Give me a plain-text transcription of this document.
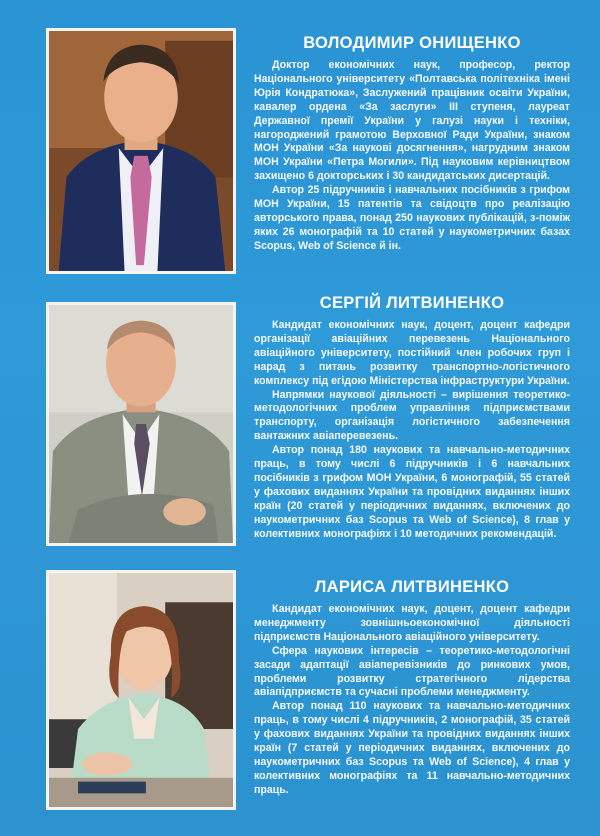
ВОЛОДИМИР ОНИЩЕНКО

Доктор економічних наук, професор, ректор Національного університету «Полтавська політехніка імені Юрія Кондратюка», Заслужений працівник освіти України, кавалер ордена «За заслуги» III ступеня, лауреат Державної премії України у галузі науки і техніки, нагороджений грамотою Верховної Ради України, знаком МОН України «За наукові досягнення», нагрудним знаком МОН України «Петра Могили». Під науковим керівництвом захищено 6 докторських і 30 кандидатських дисертацій.

Автор 25 підручників і навчальних посібників з грифом МОН України, 15 патентів та свідоцтв про реалізацію авторського права, понад 250 наукових публікацій, з-поміж яких 26 монографій та 10 статей у наукометричних базах Scopus, Web of Science й ін.

СЕРГІЙ ЛИТВИНЕНКО

Кандидат економічних наук, доцент, доцент кафедри організації авіаційних перевезень Національного авіаційного університету, постійний член робочих груп і нарад з питань розвитку транспортно-логістичного комплексу під егідою Міністерства інфраструктури України.

Напрямки наукової діяльності – вирішення теоретико-методологічних проблем управління підприємствами транспорту, організація логістичного забезпечення вантажних авіаперевезень.

Автор понад 180 наукових та навчально-методичних праць, в тому числі 6 підручників і 6 навчальних посібників з грифом МОН України, 6 монографій, 55 статей у фахових виданнях України та провідних виданнях інших країн (20 статей у періодичних виданнях, включених до наукометричних баз Scopus та Web of Science), 8 глав у колективних монографіях і 10 методичних рекомендацій.

ЛАРИСА ЛИТВИНЕНКО

Кандидат економічних наук, доцент, доцент кафедри менеджменту зовнішньоекономічної діяльності підприємств Національного авіаційного університету.

Сфера наукових інтересів – теоретико-методологічні засади адаптації авіаперевізників до ринкових умов, проблеми розвитку стратегічного лідерства авіапідприємств та сучасні проблеми менеджменту.

Автор понад 110 наукових та навчально-методичних праць, в тому числі 4 підручників, 2 монографій, 35 статей у фахових виданнях України та провідних виданнях інших країн (7 статей у періодичних виданнях, включених до наукометричних баз Scopus та Web of Science), 4 глав у колективних монографіях та 11 навчально-методичних праць.
